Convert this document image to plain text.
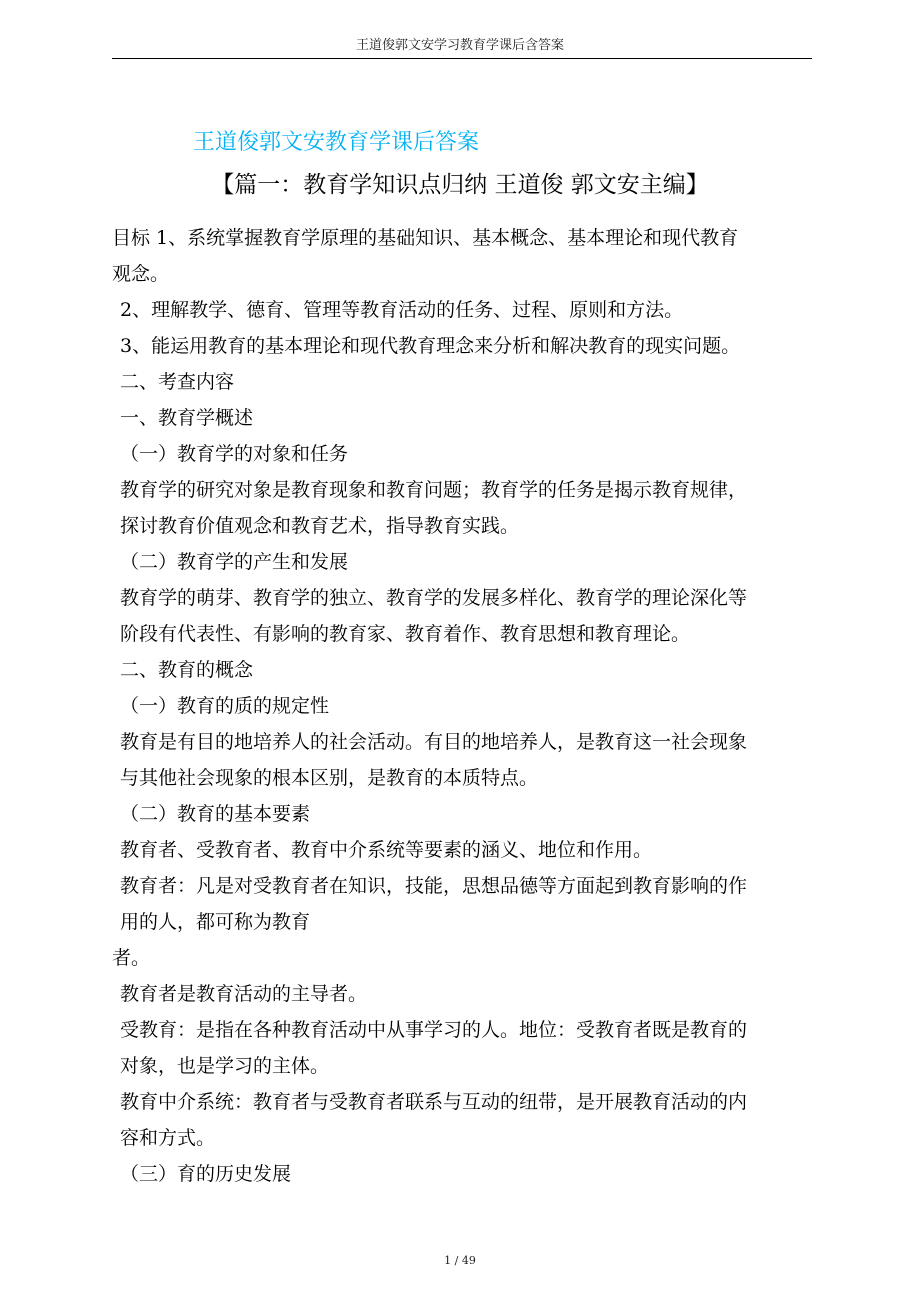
王道俊郭文安学习教育学课后含答案
王道俊郭文安教育学课后答案
【篇一：教育学知识点归纳 王道俊 郭文安主编】

目标 1、系统掌握教育学原理的基础知识、基本概念、基本理论和现代教育观念。

2、理解教学、德育、管理等教育活动的任务、过程、原则和方法。

3、能运用教育的基本理论和现代教育理念来分析和解决教育的现实问题。

二、考查内容

一、教育学概述

（一）教育学的对象和任务

教育学的研究对象是教育现象和教育问题；教育学的任务是揭示教育规律，探讨教育价值观念和教育艺术，指导教育实践。

（二）教育学的产生和发展

教育学的萌芽、教育学的独立、教育学的发展多样化、教育学的理论深化等阶段有代表性、有影响的教育家、教育着作、教育思想和教育理论。

二、教育的概念

（一）教育的质的规定性

教育是有目的地培养人的社会活动。有目的地培养人，是教育这一社会现象与其他社会现象的根本区别，是教育的本质特点。

（二）教育的基本要素

教育者、受教育者、教育中介系统等要素的涵义、地位和作用。

教育者：凡是对受教育者在知识，技能，思想品德等方面起到教育影响的作用的人，都可称为教育

者。

教育者是教育活动的主导者。

受教育：是指在各种教育活动中从事学习的人。地位：受教育者既是教育的对象，也是学习的主体。

教育中介系统：教育者与受教育者联系与互动的纽带，是开展教育活动的内容和方式。

（三）育的历史发展

1 / 49
